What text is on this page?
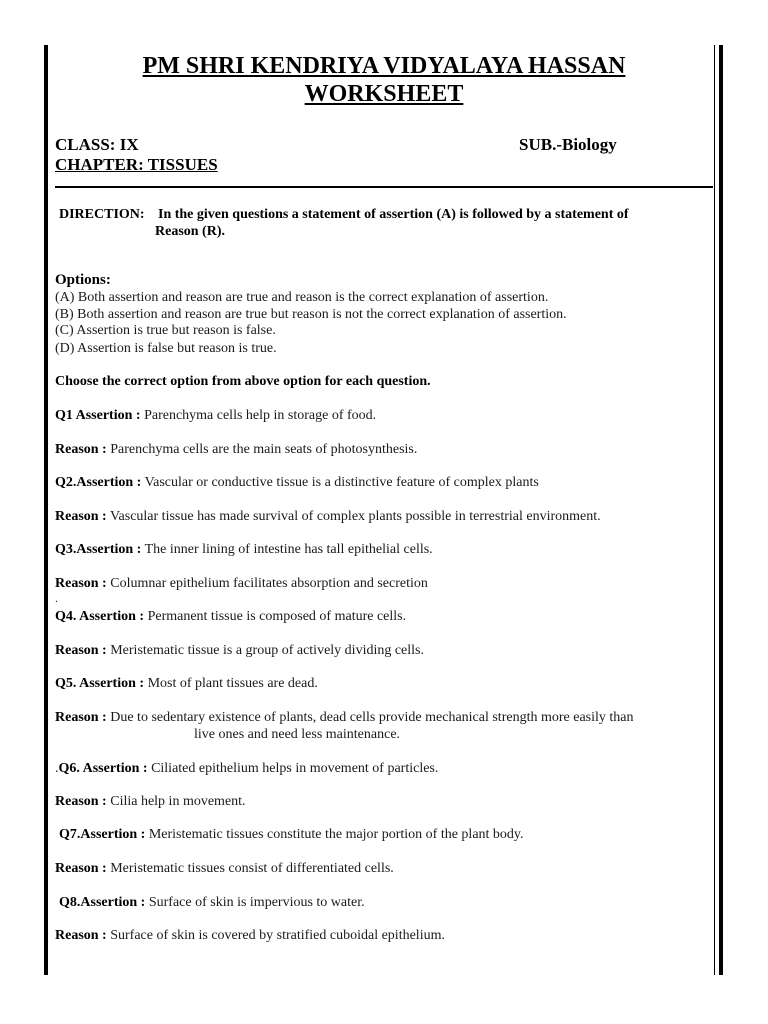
PM SHRI KENDRIYA VIDYALAYA HASSAN
WORKSHEET
CLASS: IX	SUB.-Biology
CHAPTER: TISSUES
DIRECTION: In the given questions a statement of assertion (A) is followed by a statement of
Reason (R).
Options:
(A) Both assertion and reason are true and reason is the correct explanation of assertion.
(B) Both assertion and reason are true but reason is not the correct explanation of assertion.
(C) Assertion is true but reason is false.
(D) Assertion is false but reason is true.
Choose the correct option from above option for each question.
Q1 Assertion : Parenchyma cells help in storage of food.
Reason : Parenchyma cells are the main seats of photosynthesis.
Q2.Assertion : Vascular or conductive tissue is a distinctive feature of complex plants
Reason : Vascular tissue has made survival of complex plants possible in terrestrial environment.
Q3.Assertion : The inner lining of intestine has tall epithelial cells.
Reason : Columnar epithelium facilitates absorption and secretion
.
Q4. Assertion : Permanent tissue is composed of mature cells.
Reason : Meristematic tissue is a group of actively dividing cells.
Q5. Assertion : Most of plant tissues are dead.
Reason : Due to sedentary existence of plants, dead cells provide mechanical strength more easily than
live ones and need less maintenance.
.Q6. Assertion : Ciliated epithelium helps in movement of particles.
Reason : Cilia help in movement.
Q7.Assertion : Meristematic tissues constitute the major portion of the plant body.
Reason : Meristematic tissues consist of differentiated cells.
Q8.Assertion : Surface of skin is impervious to water.
Reason : Surface of skin is covered by stratified cuboidal epithelium.
